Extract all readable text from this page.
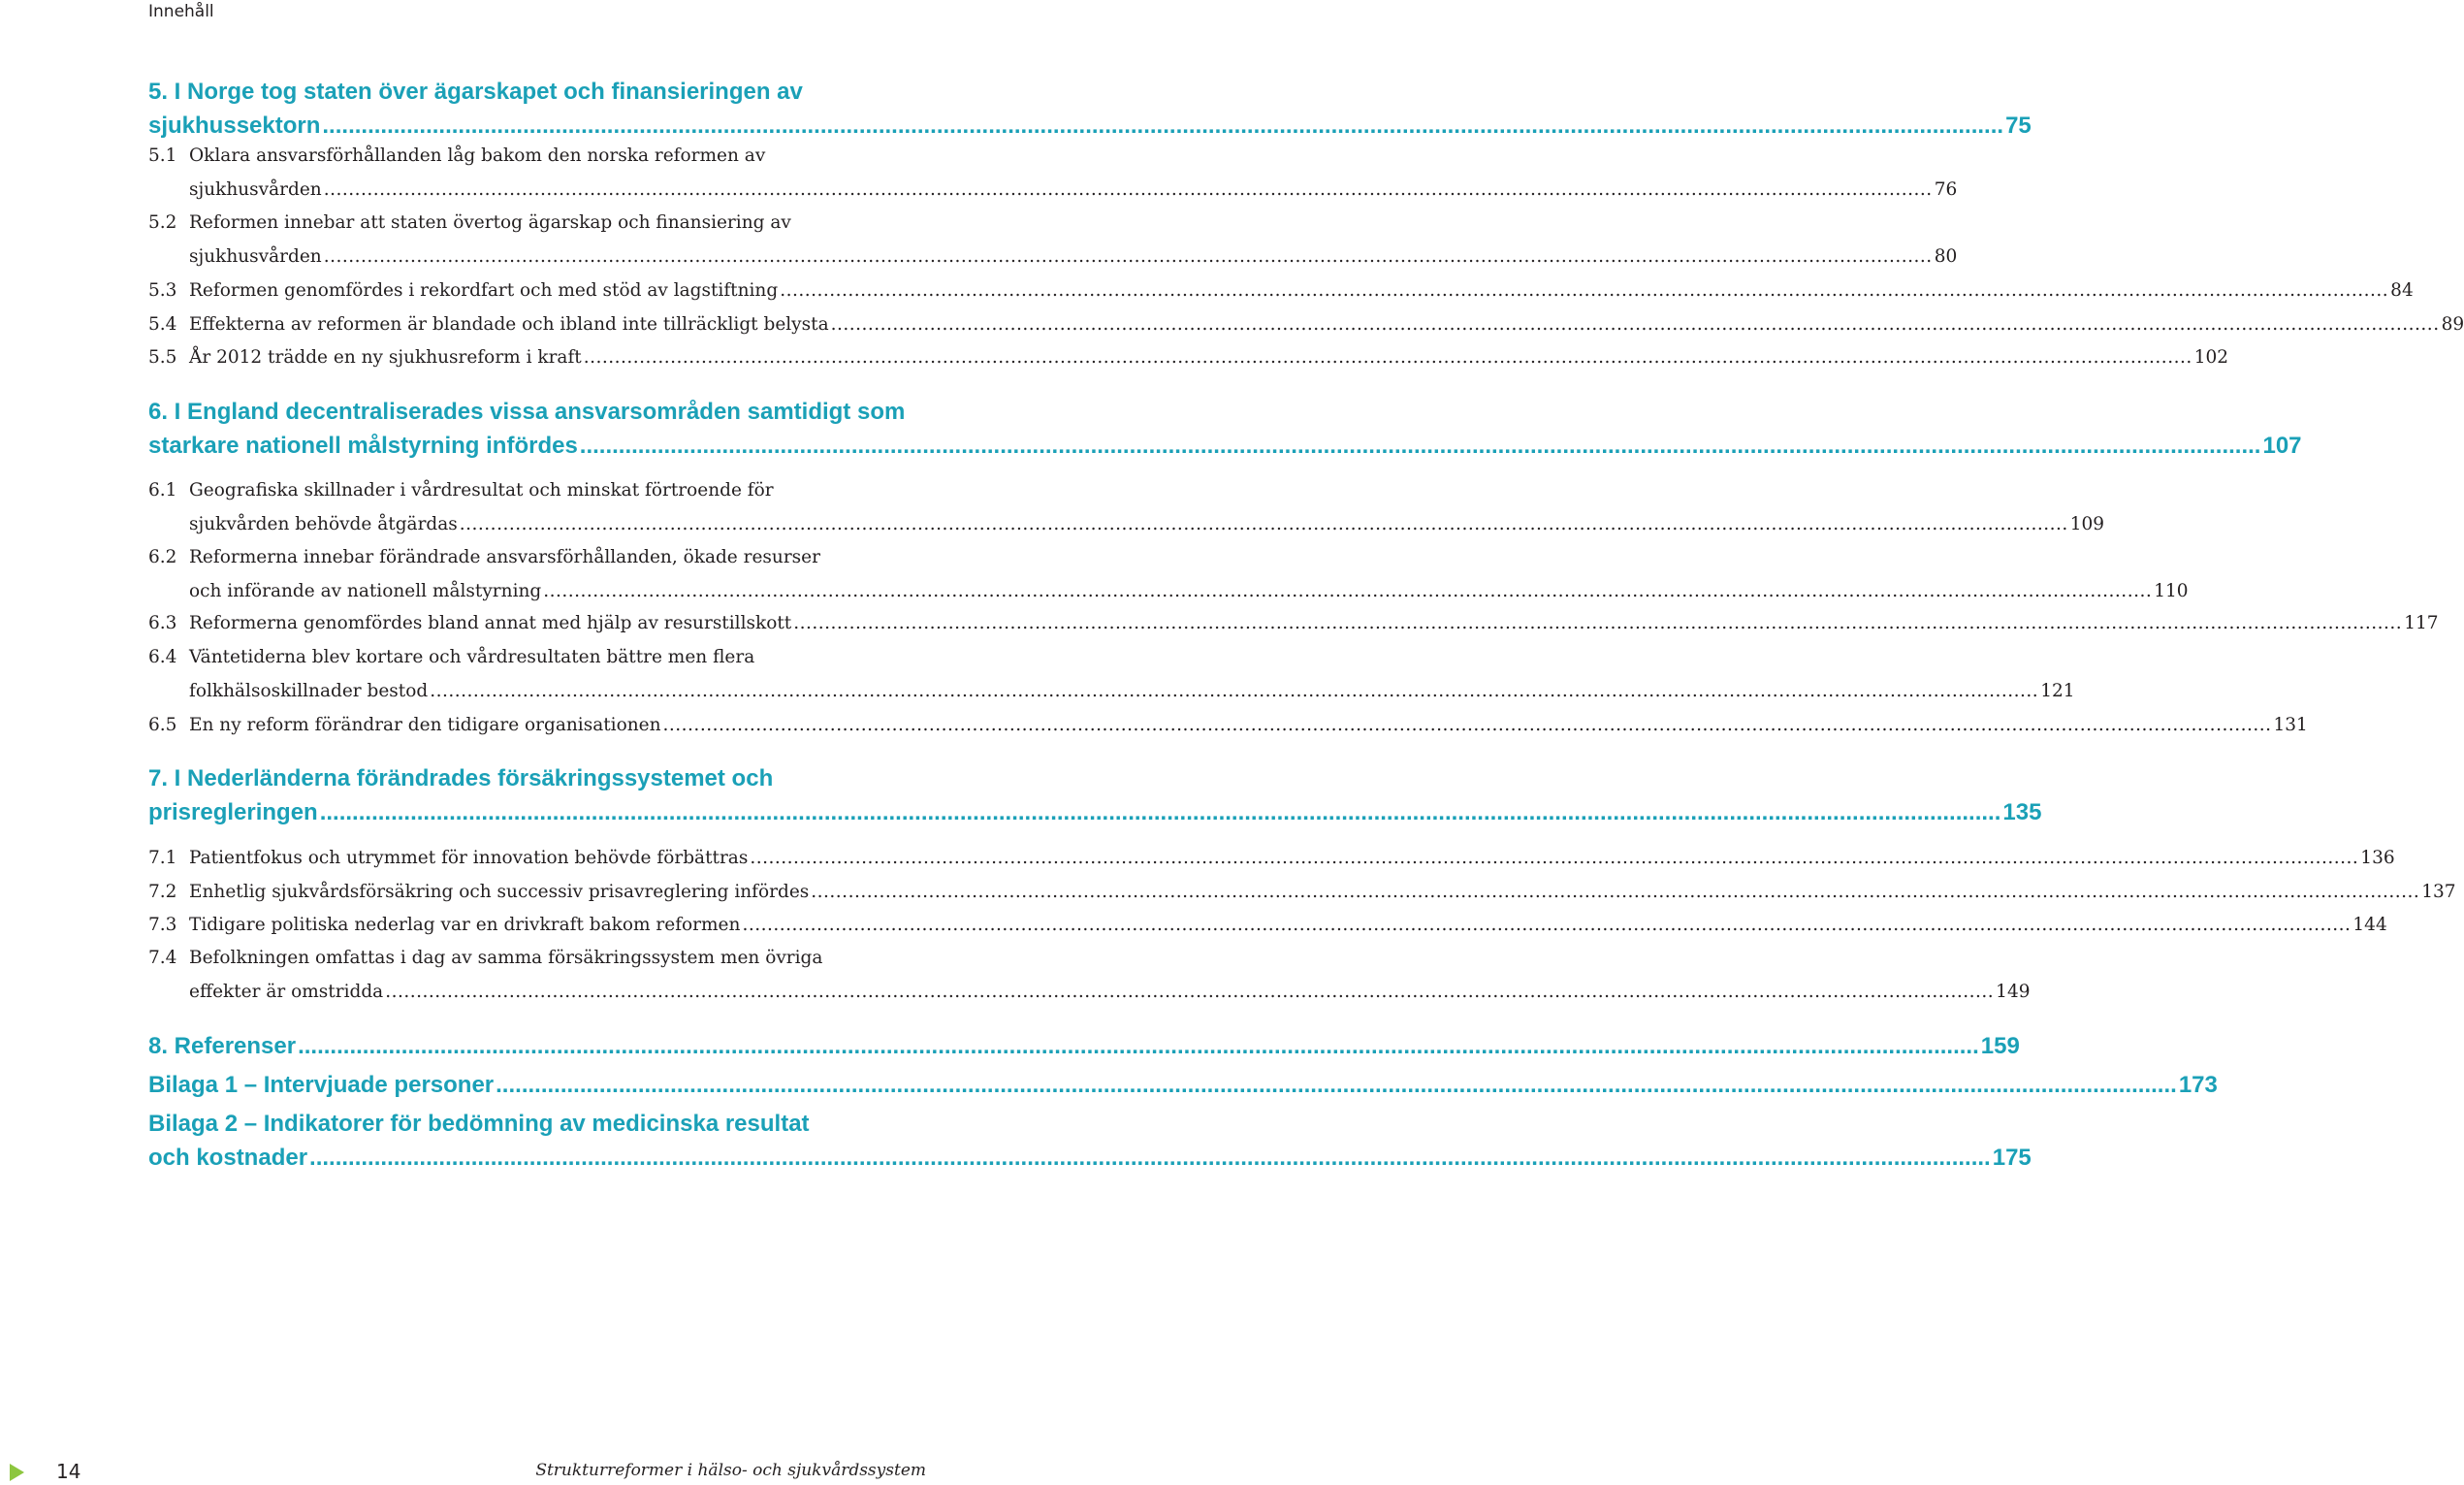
Innehåll
5. I Norge tog staten över ägarskapet och finansieringen av
sjukhussektorn .................................................................................................................................................................................................................................................................... 75
5.1 Oklara ansvarsförhållanden låg bakom den norska reformen av
sjukhusvården .................................................................................................................................................................................................................................................................... 76
5.2 Reformen innebar att staten övertog ägarskap och finansiering av
sjukhusvården .................................................................................................................................................................................................................................................................... 80
5.3 Reformen genomfördes i rekordfart och med stöd av lagstiftning .................................................................................................................................................................................................................................................................... 84
5.4 Effekterna av reformen är blandade och ibland inte tillräckligt belysta .................................................................................................................................................................................................................................................................... 89
5.5 År 2012 trädde en ny sjukhusreform i kraft .................................................................................................................................................................................................................................................................... 102
6. I England decentraliserades vissa ansvarsområden samtidigt som
starkare nationell målstyrning infördes .................................................................................................................................................................................................................................................................... 107
6.1 Geografiska skillnader i vårdresultat och minskat förtroende för
sjukvården behövde åtgärdas .................................................................................................................................................................................................................................................................... 109
6.2 Reformerna innebar förändrade ansvarsförhållanden, ökade resurser
och införande av nationell målstyrning .................................................................................................................................................................................................................................................................... 110
6.3 Reformerna genomfördes bland annat med hjälp av resurstillskott .................................................................................................................................................................................................................................................................... 117
6.4 Väntetiderna blev kortare och vårdresultaten bättre men flera
folkhälsoskillnader bestod .................................................................................................................................................................................................................................................................... 121
6.5 En ny reform förändrar den tidigare organisationen .................................................................................................................................................................................................................................................................... 131
7. I Nederländerna förändrades försäkringssystemet och
prisregleringen .................................................................................................................................................................................................................................................................... 135
7.1 Patientfokus och utrymmet för innovation behövde förbättras .................................................................................................................................................................................................................................................................... 136
7.2 Enhetlig sjukvårdsförsäkring och successiv prisavreglering infördes .................................................................................................................................................................................................................................................................... 137
7.3 Tidigare politiska nederlag var en drivkraft bakom reformen .................................................................................................................................................................................................................................................................... 144
7.4 Befolkningen omfattas i dag av samma försäkringssystem men övriga
effekter är omstridda .................................................................................................................................................................................................................................................................... 149
8. Referenser .................................................................................................................................................................................................................................................................... 159
Bilaga 1 – Intervjuade personer .................................................................................................................................................................................................................................................................... 173
Bilaga 2 – Indikatorer för bedömning av medicinska resultat
och kostnader .................................................................................................................................................................................................................................................................... 175
14	Strukturreformer i hälso- och sjukvårdssystem
